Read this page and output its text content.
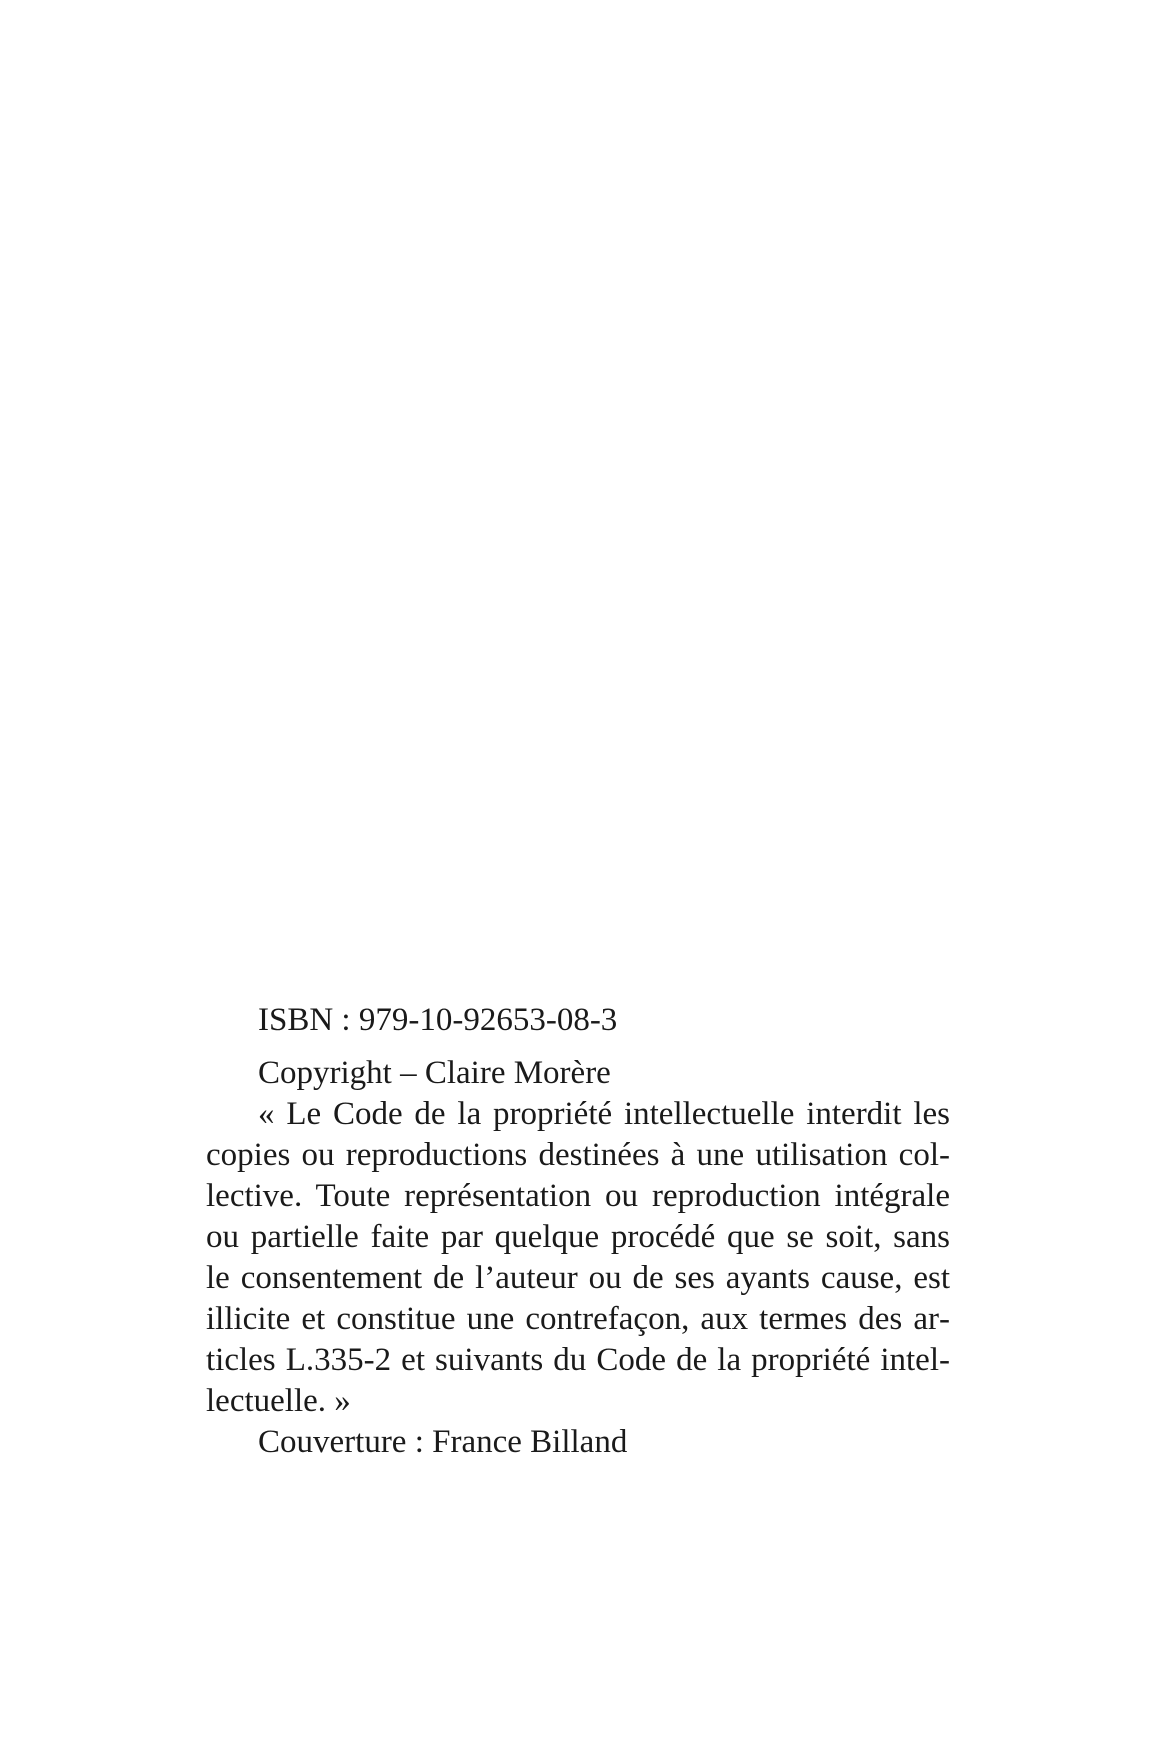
ISBN : 979-10-92653-08-3

Copyright – Claire Morère

« Le Code de la propriété intellectuelle interdit les copies ou reproductions destinées à une utilisation collective. Toute représentation ou reproduction intégrale ou partielle faite par quelque procédé que se soit, sans le consentement de l’auteur ou de ses ayants cause, est illicite et constitue une contrefaçon, aux termes des articles L.335-2 et suivants du Code de la propriété intellectuelle. »

Couverture : France Billand
